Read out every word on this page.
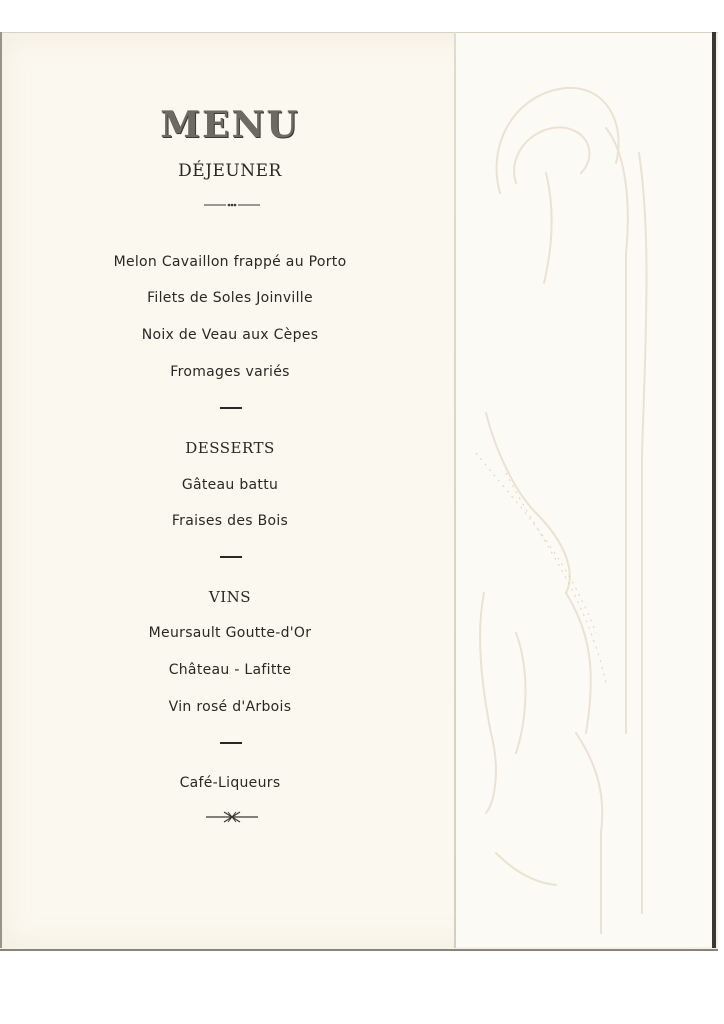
MENU
DÉJEUNER
Melon Cavaillon frappé au Porto
Filets de Soles Joinville
Noix de Veau aux Cèpes
Fromages variés
DESSERTS
Gâteau battu
Fraises des Bois
VINS
Meursault Goutte-d'Or
Château - Lafitte
Vin rosé d'Arbois
Café-Liqueurs
